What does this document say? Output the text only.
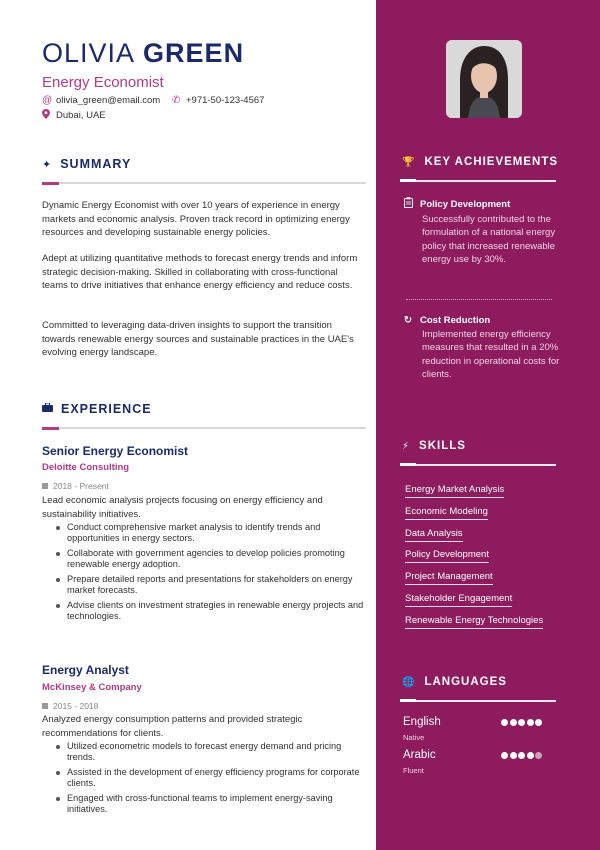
OLIVIA GREEN
Energy Economist
@ olivia_green@email.com ✆ +971-50-123-4567
Dubai, UAE
✦ SUMMARY
Dynamic Energy Economist with over 10 years of experience in energy markets and economic analysis. Proven track record in optimizing energy resources and developing sustainable energy policies.
Adept at utilizing quantitative methods to forecast energy trends and inform strategic decision-making. Skilled in collaborating with cross-functional teams to drive initiatives that enhance energy efficiency and reduce costs.
Committed to leveraging data-driven insights to support the transition towards renewable energy sources and sustainable practices in the UAE's evolving energy landscape.
EXPERIENCE
Senior Energy Economist
Deloitte Consulting
2018 - Present
Lead economic analysis projects focusing on energy efficiency and sustainability initiatives.
Conduct comprehensive market analysis to identify trends and opportunities in energy sectors.
Collaborate with government agencies to develop policies promoting renewable energy adoption.
Prepare detailed reports and presentations for stakeholders on energy market forecasts.
Advise clients on investment strategies in renewable energy projects and technologies.
Energy Analyst
McKinsey & Company
2015 - 2018
Analyzed energy consumption patterns and provided strategic recommendations for clients.
Utilized econometric models to forecast energy demand and pricing trends.
Assisted in the development of energy efficiency programs for corporate clients.
Engaged with cross-functional teams to implement energy-saving initiatives.
🏆 KEY ACHIEVEMENTS
Policy Development
Successfully contributed to the formulation of a national energy policy that increased renewable energy use by 30%.
↻ Cost Reduction
Implemented energy efficiency measures that resulted in a 20% reduction in operational costs for clients.
⚡ SKILLS
Energy Market Analysis
Economic Modeling
Data Analysis
Policy Development
Project Management
Stakeholder Engagement
Renewable Energy Technologies
🌐 LANGUAGES
English
Native
Arabic
Fluent
